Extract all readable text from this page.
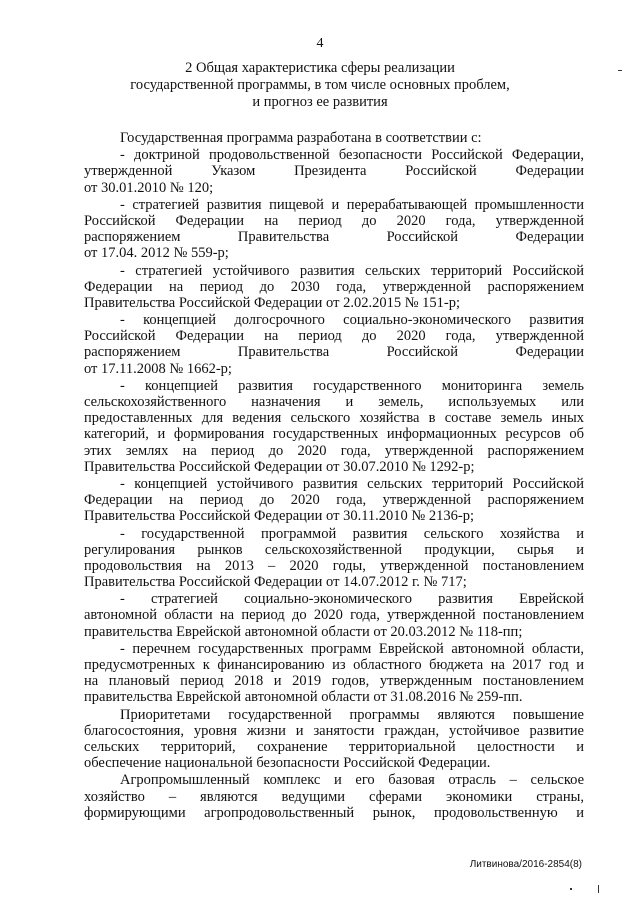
4
2 Общая характеристика сферы реализации
государственной программы, в том числе основных проблем,
и прогноз ее развития
Государственная программа разработана в соответствии с:
- доктриной продовольственной безопасности Российской Федерации,
утвержденной Указом Президента Российской Федерации
от 30.01.2010 № 120;
- стратегией развития пищевой и перерабатывающей промышленности
Российской Федерации на период до 2020 года, утвержденной
распоряжением Правительства Российской Федерации
от 17.04. 2012 № 559-р;
- стратегией устойчивого развития сельских территорий Российской
Федерации на период до 2030 года, утвержденной распоряжением
Правительства Российской Федерации от 2.02.2015 № 151-р;
- концепцией долгосрочного социально-экономического развития
Российской Федерации на период до 2020 года, утвержденной
распоряжением Правительства Российской Федерации
от 17.11.2008 № 1662-р;
- концепцией развития государственного мониторинга земель
сельскохозяйственного назначения и земель, используемых или
предоставленных для ведения сельского хозяйства в составе земель иных
категорий, и формирования государственных информационных ресурсов об
этих землях на период до 2020 года, утвержденной распоряжением
Правительства Российской Федерации от 30.07.2010 № 1292-р;
- концепцией устойчивого развития сельских территорий Российской
Федерации на период до 2020 года, утвержденной распоряжением
Правительства Российской Федерации от 30.11.2010 № 2136-р;
- государственной программой развития сельского хозяйства и
регулирования рынков сельскохозяйственной продукции, сырья и
продовольствия на 2013 – 2020 годы, утвержденной постановлением
Правительства Российской Федерации от 14.07.2012 г. № 717;
- стратегией социально-экономического развития Еврейской
автономной области на период до 2020 года, утвержденной постановлением
правительства Еврейской автономной области от 20.03.2012 № 118-пп;
- перечнем государственных программ Еврейской автономной области,
предусмотренных к финансированию из областного бюджета на 2017 год и
на плановый период 2018 и 2019 годов, утвержденным постановлением
правительства Еврейской автономной области от 31.08.2016 № 259-пп.
Приоритетами государственной программы являются повышение
благосостояния, уровня жизни и занятости граждан, устойчивое развитие
сельских территорий, сохранение территориальной целостности и
обеспечение национальной безопасности Российской Федерации.
Агропромышленный комплекс и его базовая отрасль – сельское
хозяйство – являются ведущими сферами экономики страны,
формирующими агропродовольственный рынок, продовольственную и
Литвинова/2016-2854(8)
